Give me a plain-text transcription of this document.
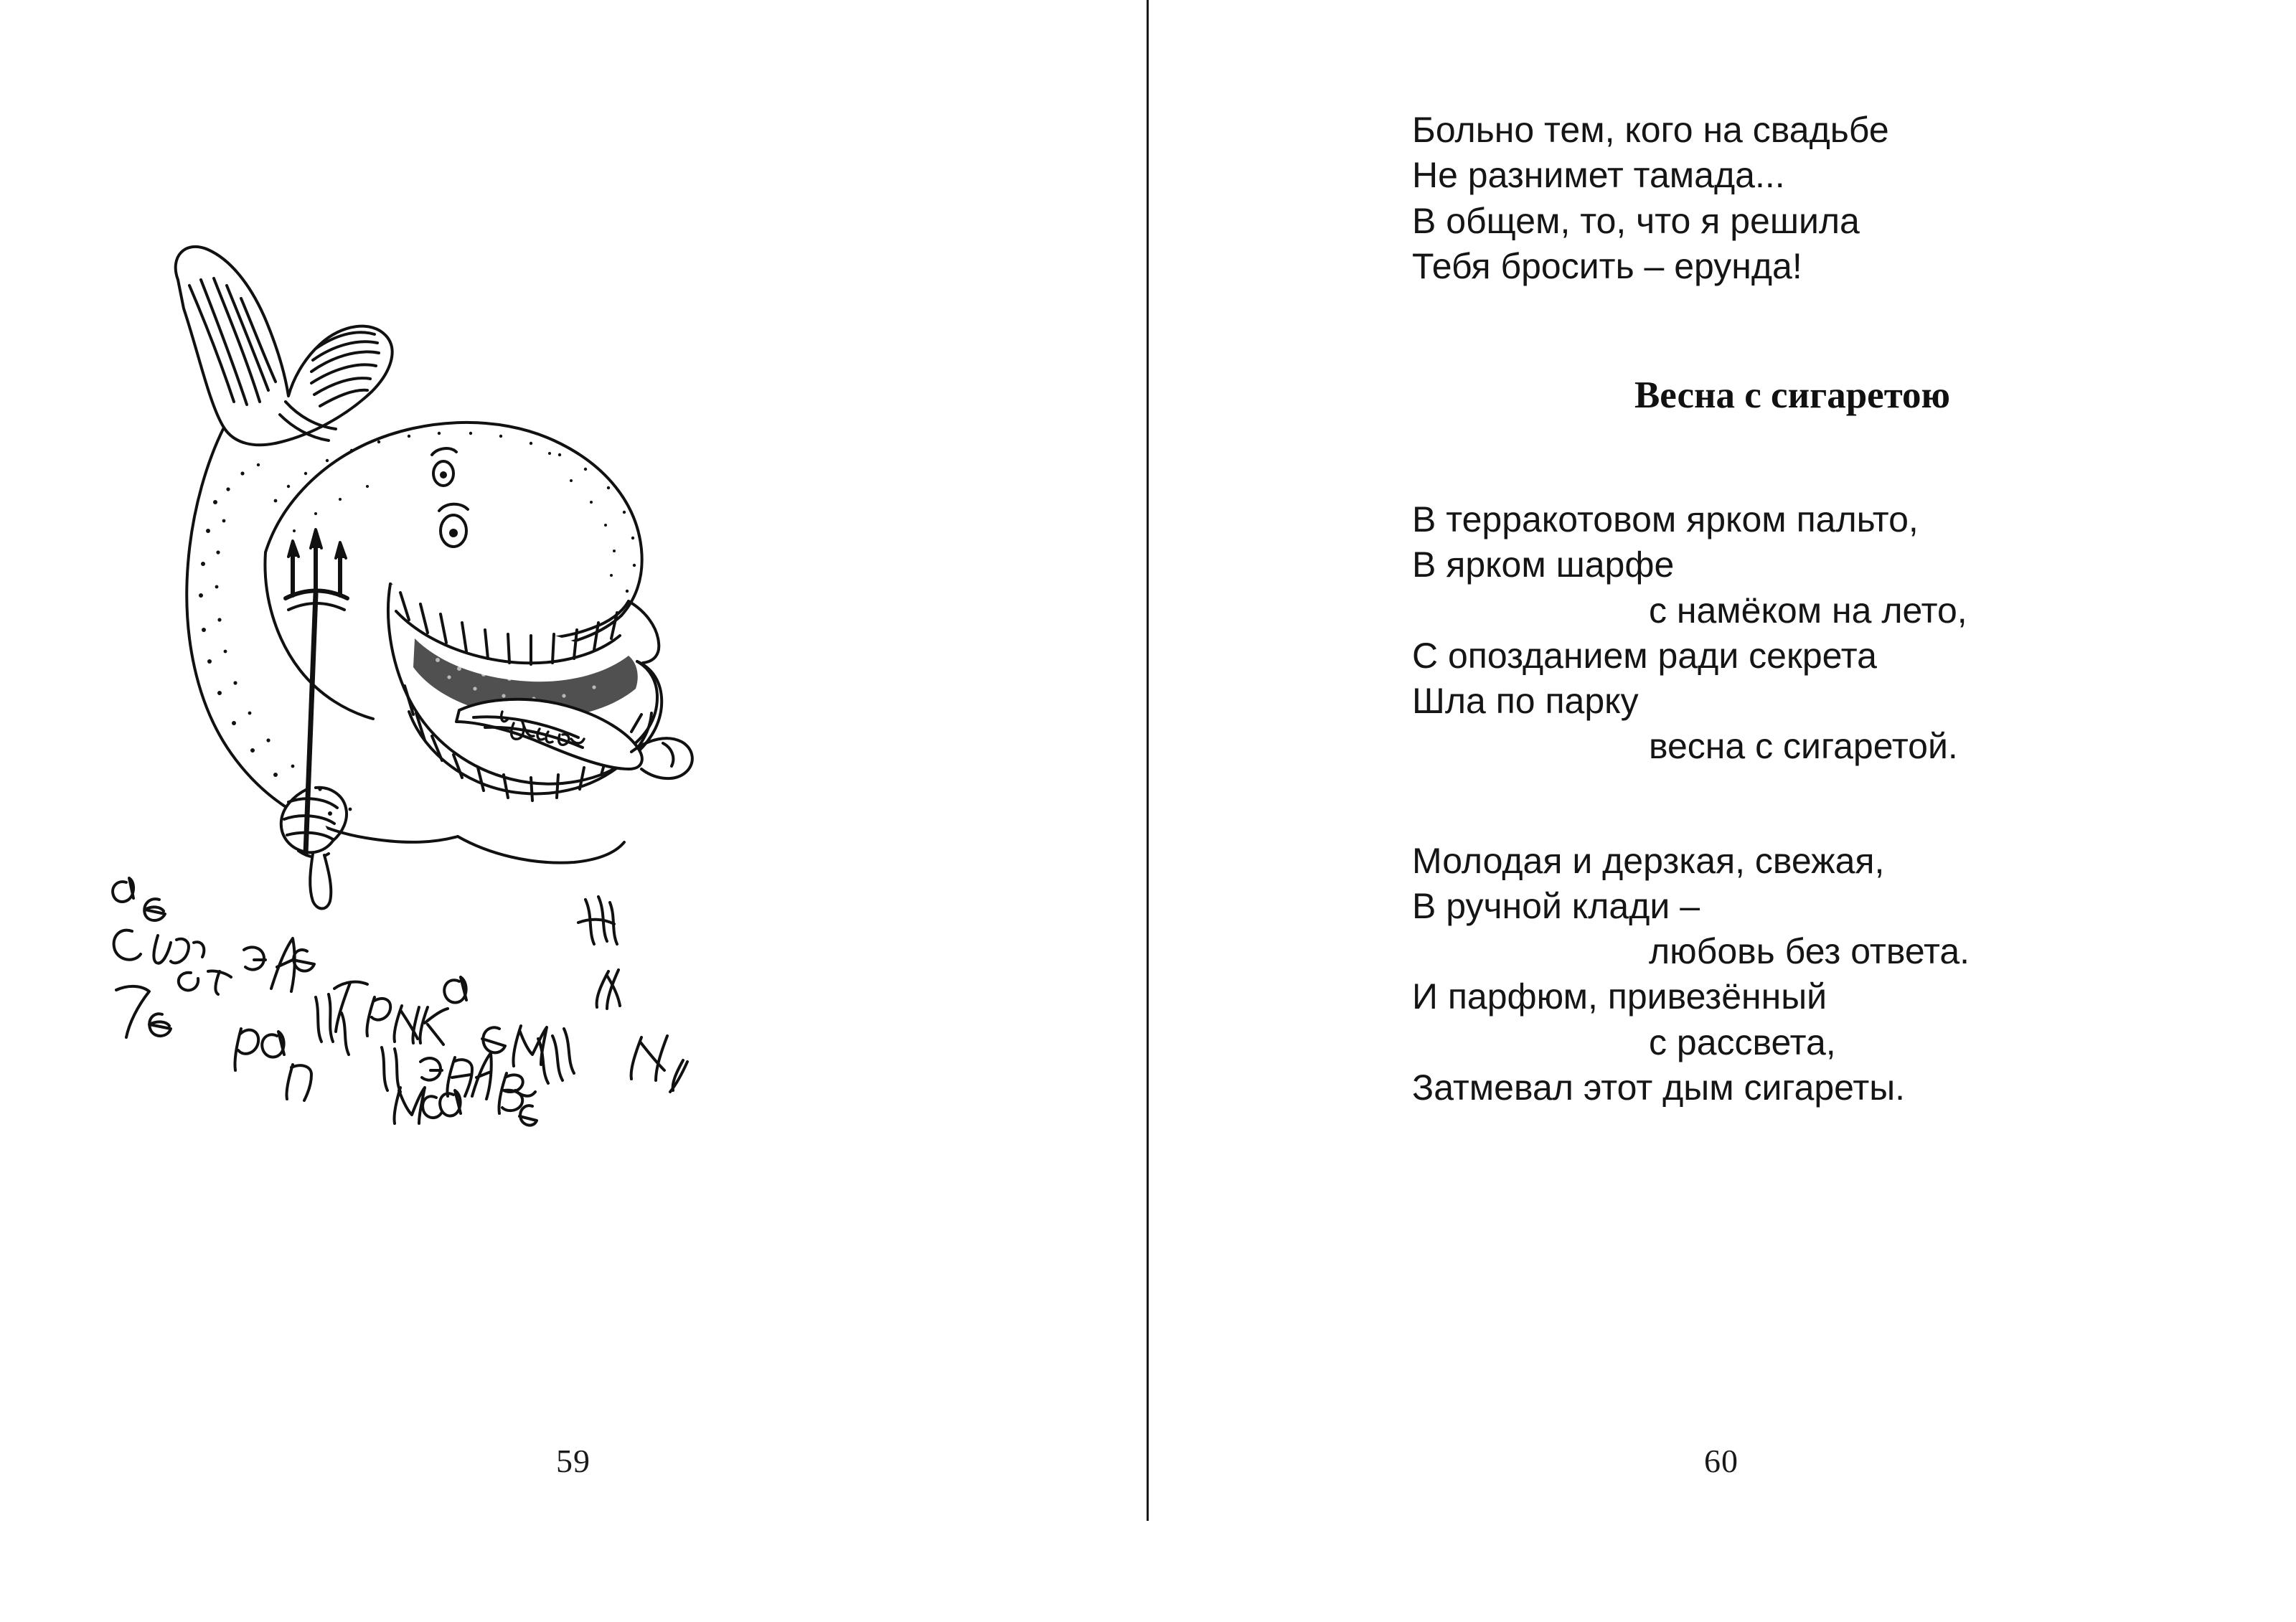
59
Больно тем, кого на свадьбе
Не разнимет тамада...
В общем, то, что я решила
Тебя бросить – ерунда!
Весна с сигаретою
В терракотовом ярком пальто,
В ярком шарфе
с намёком на лето,
С опозданием ради секрета
Шла по парку
весна с сигаретой.
Молодая и дерзкая, свежая,
В ручной клади –
любовь без ответа.
И парфюм, привезённый
с рассвета,
Затмевал этот дым сигареты.
60
